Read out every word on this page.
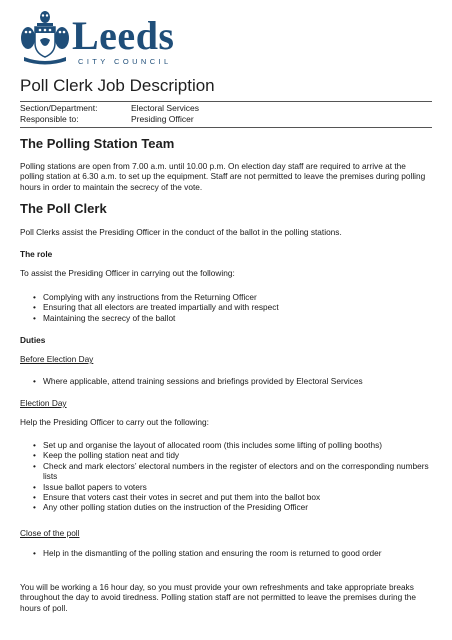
Leeds
CITY COUNCIL
Poll Clerk Job Description
Section/Department:	Electoral Services
Responsible to:	Presiding Officer
The Polling Station Team

Polling stations are open from 7.00 a.m. until 10.00 p.m. On election day staff are required to arrive at the polling station at 6.30 a.m. to set up the equipment. Staff are not permitted to leave the premises during polling hours in order to maintain the secrecy of the vote.

The Poll Clerk

Poll Clerks assist the Presiding Officer in the conduct of the ballot in the polling stations.

The role

To assist the Presiding Officer in carrying out the following:

• Complying with any instructions from the Returning Officer
• Ensuring that all electors are treated impartially and with respect
• Maintaining the secrecy of the ballot

Duties

Before Election Day

• Where applicable, attend training sessions and briefings provided by Electoral Services

Election Day

Help the Presiding Officer to carry out the following:

• Set up and organise the layout of allocated room (this includes some lifting of polling booths)
• Keep the polling station neat and tidy
• Check and mark electors’ electoral numbers in the register of electors and on the corresponding numbers lists
• Issue ballot papers to voters
• Ensure that voters cast their votes in secret and put them into the ballot box
• Any other polling station duties on the instruction of the Presiding Officer

Close of the poll

• Help in the dismantling of the polling station and ensuring the room is returned to good order

You will be working a 16 hour day, so you must provide your own refreshments and take appropriate breaks throughout the day to avoid tiredness. Polling station staff are not permitted to leave the premises during the hours of poll.
